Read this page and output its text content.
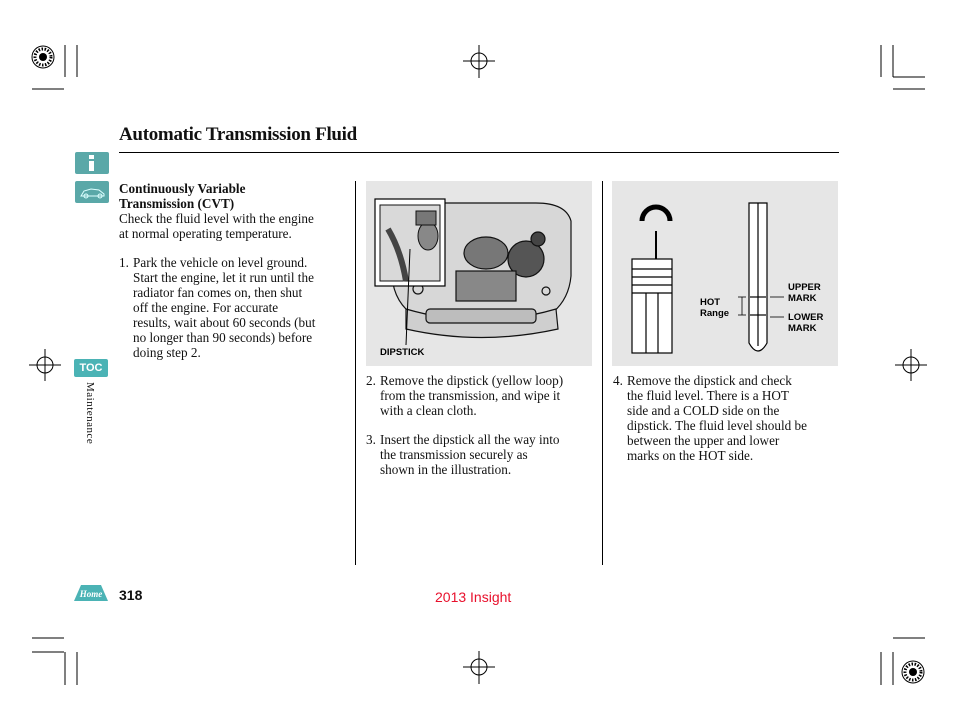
Automatic Transmission Fluid
TOC
Maintenance
Home
Continuously Variable
Transmission (CVT)

Check the fluid level with the engine

at normal operating temperature.

1. Park the vehicle on level ground.
Start the engine, let it run until the
radiator fan comes on, then shut
off the engine. For accurate
results, wait about 60 seconds (but
no longer than 90 seconds) before
doing step 2.	DIPSTICK
HOT
Range
UPPER
MARK
LOWER
MARK
2. Remove the dipstick (yellow loop)
from the transmission, and wipe it
with a clean cloth.
3. Insert the dipstick all the way into
the transmission securely as
shown in the illustration.
4. Remove the dipstick and check
the fluid level. There is a HOT
side and a COLD side on the
dipstick. The fluid level should be
between the upper and lower
marks on the HOT side.
318	2013 Insight
